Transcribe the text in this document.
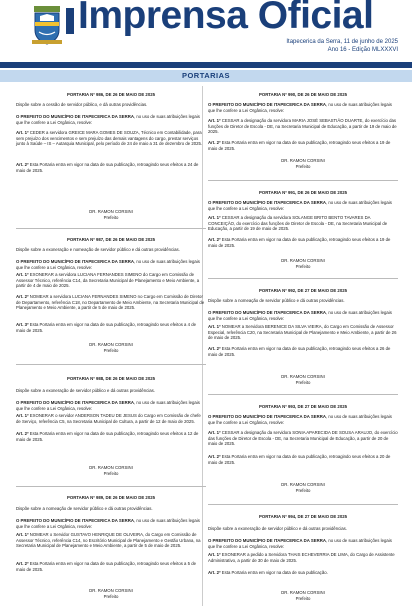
Imprensa Oficial
Itapecerica da Serra, 11 de junho de 2025
Ano 16 - Edição MLXXXVI
PORTARIAS
PORTARIA Nº 986, DE 26 DE MAIO DE 2025
Dispõe sobre a cessão de servidor público, e dá outras providências.
O PREFEITO DO MUNICÍPIO DE ITAPECERICA DA SERRA, no uso de suas atribuições legais que lhe confere a Lei Orgânica, resolve:
Art. 1º CEDER a servidora GREICE MARA GOMES DE SOUZA, Técnico em Contabilidade, para sem prejuízo dos vencimentos e sem prejuízo das demais vantagens do cargo, prestar serviços junto à Saúde – IS – Autarquia Municipal, pelo período de 24 de maio a 31 de dezembro de 2025.
Art. 2º Esta Portaria entra em vigor na data de sua publicação, retroagindo seus efeitos a 24 de maio de 2025.
DR. RAMON CORSINI
Prefeito
PORTARIA Nº 987, DE 26 DE MAIO DE 2025
Dispõe sobre a exoneração e nomeação de servidor público e dá outras providências.
O PREFEITO DO MUNICÍPIO DE ITAPECERICA DA SERRA, no uso de suas atribuições legais que lhe confere a Lei Orgânica, resolve:
Art. 1º EXONERAR a servidora LUCIANA FERNANDES SIMENO do Cargo em Comissão de Assessor Técnico, referência C14, da Secretaria Municipal de Planejamento e Meio Ambiente, a partir de 4 de maio de 2025.
Art. 2º NOMEAR a servidora LUCIANA FERNANDES SIMENO no Cargo em Comissão de Diretor de Departamento, referência C18, no Departamento de Meio Ambiente, na Secretaria Municipal de Planejamento e Meio Ambiente, a partir de 5 de maio de 2025.
Art. 3º Esta Portaria entra em vigor na data de sua publicação, retroagindo seus efeitos a 4 de maio de 2025.
DR. RAMON CORSINI
Prefeito
PORTARIA Nº 988, DE 26 DE MAIO DE 2025
Dispõe sobre a exoneração de servidor público e dá outras providências.
O PREFEITO DO MUNICÍPIO DE ITAPECERICA DA SERRA, no uso de suas atribuições legais que lhe confere a Lei Orgânica, resolve:
Art. 1º EXONERAR o servidor ANDERSON TADEU DE JESUS do Cargo em Comissão de chefe de Serviço, referência C5, na Secretaria Municipal de Cultura, a partir de 12 de maio de 2025.
Art. 2º Esta Portaria entra em vigor na data de sua publicação, retroagindo seus efeitos a 12 de maio de 2025.
DR. RAMON CORSINI
Prefeito
PORTARIA Nº 989, DE 26 DE MAIO DE 2025
Dispõe sobre a nomeação de servidor público e dá outras providências.
O PREFEITO DO MUNICÍPIO DE ITAPECERICA DA SERRA, no uso de suas atribuições legais que lhe confere a Lei Orgânica, resolve:
Art. 1º NOMEAR o Servidor GUSTAVO HENRIQUE DE OLIVEIRA, do Cargo em Comissão de Assessor Técnico, referência C14, no Escritório Municipal de Planejamento e Gestão Urbana, na Secretaria Municipal de Planejamento e Meio Ambiente, a partir de 5 de maio de 2025.
Art. 2º Esta Portaria entra em vigor na data de sua publicação, retroagindo seus efeitos a 5 de maio de 2025.
DR. RAMON CORSINI
Prefeito
PORTARIA Nº 990, DE 26 DE MAIO DE 2025
O PREFEITO DO MUNICÍPIO DE ITAPECERICA DA SERRA, no uso de suas atribuições legais que lhe confere a Lei Orgânica, resolve:
Art. 1º CESSAR a designação da servidora MARIA JOSÉ SEBASTIÃO DUARTE, do exercício das funções de Diretor de Escola - DE, na Secretaria Municipal de Educação, a partir de 19 de maio de 2025.
Art. 2º Esta Portaria entra em vigor na data de sua publicação, retroagindo seus efeitos a 19 de maio de 2025.
DR. RAMON CORSINI
Prefeito
PORTARIA Nº 991, DE 26 DE MAIO DE 2025
O PREFEITO DO MUNICÍPIO DE ITAPECERICA DA SERRA, no uso de suas atribuições legais que lhe confere a Lei Orgânica, resolve:
Art. 1º CESSAR a designação da servidora SOLANGE BRITO BENTO TAVARES DA CONCEIÇÃO, do exercício das funções de Diretor de Escola - DE, na Secretaria Municipal de Educação, a partir de 19 de maio de 2025.
Art. 2º Esta Portaria entra em vigor na data de sua publicação, retroagindo seus efeitos a 19 de maio de 2025.
DR. RAMON CORSINI
Prefeito
PORTARIA Nº 992, DE 27 DE MAIO DE 2025
Dispõe sobre a nomeação de servidor público e dá outras providências.
O PREFEITO DO MUNICÍPIO DE ITAPECERICA DA SERRA, no uso de suas atribuições legais que lhe confere a Lei Orgânica, resolve:
Art. 1º NOMEAR a Servidora BERENICE DA SILVA VIEIRA, do Cargo em Comissão de Assessor Especial, referência C20, na Secretaria Municipal de Planejamento e Meio Ambiente, a partir de 26 de maio de 2025.
Art. 2º Esta Portaria entra em vigor na data de sua publicação, retroagindo seus efeitos a 26 de maio de 2025.
DR. RAMON CORSINI
Prefeito
PORTARIA Nº 993, DE 27 DE MAIO DE 2025
O PREFEITO DO MUNICÍPIO DE ITAPECERICA DA SERRA, no uso de suas atribuições legais que lhe confere a Lei Orgânica, resolve:
Art. 1º CESSAR a designação da servidora SONIA APARECIDA DE SOUSA ARAUJO, do exercício das funções de Diretor de Escola - DE, na Secretaria Municipal de Educação, a partir de 20 de maio de 2025.
Art. 2º Esta Portaria entra em vigor na data de sua publicação, retroagindo seus efeitos a 20 de maio de 2025.
DR. RAMON CORSINI
Prefeito
PORTARIA Nº 994, DE 27 DE MAIO DE 2025
Dispõe sobre a exoneração de servidor público e dá outras providências.
O PREFEITO DO MUNICÍPIO DE ITAPECERICA DA SERRA, no uso de suas atribuições legais que lhe confere a Lei Orgânica, resolve:
Art. 1º EXONERAR a pedido a Servidora THAIS ECHEVERRIA DE LIMA, do Cargo de Assistente Administrativo, a partir de 30 de maio de 2025.
Art. 2º Esta Portaria entra em vigor na data de sua publicação.
DR. RAMON CORSINI
Prefeito
